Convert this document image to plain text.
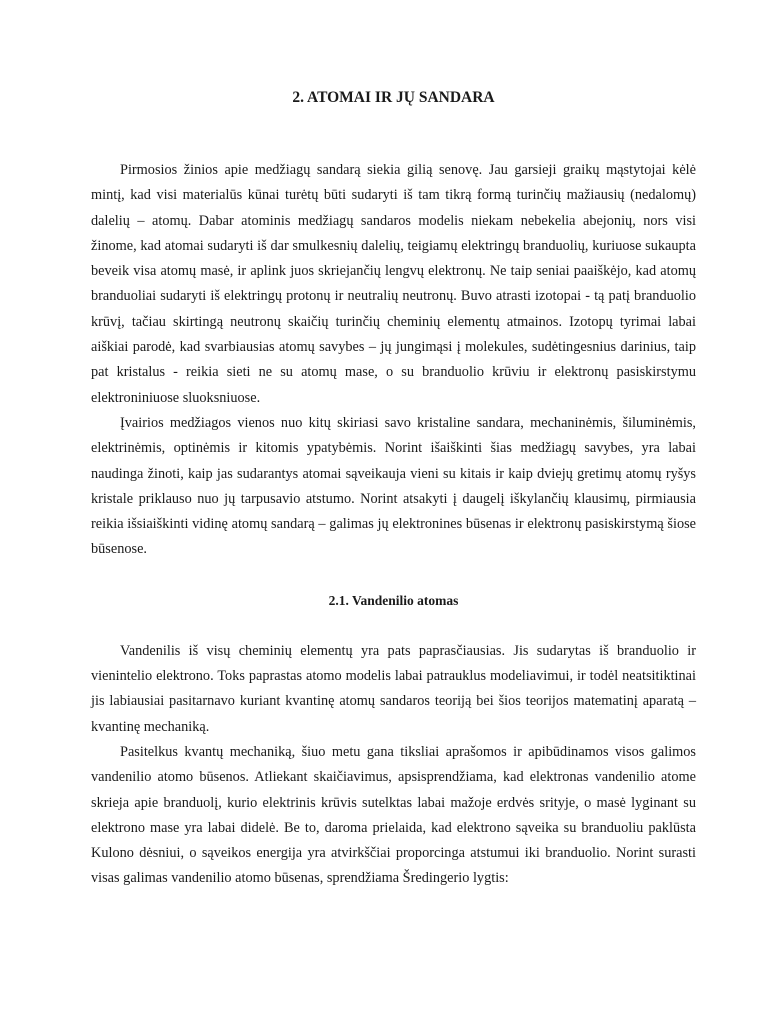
2. ATOMAI IR JŲ SANDARA

Pirmosios žinios apie medžiagų sandarą siekia gilią senovę. Jau garsieji graikų mąstytojai kėlė mintį, kad visi materialūs kūnai turėtų būti sudaryti iš tam tikrą formą turinčių mažiausių (nedalomų) dalelių – atomų. Dabar atominis medžiagų sandaros modelis niekam nebekelia abejonių, nors visi žinome, kad atomai sudaryti iš dar smulkesnių dalelių, teigiamų elektringų branduolių, kuriuose sukaupta beveik visa atomų masė, ir aplink juos skriejančių lengvų elektronų. Ne taip seniai paaiškėjo, kad atomų branduoliai sudaryti iš elektringų protonų ir neutralių neutronų. Buvo atrasti izotopai - tą patį branduolio krūvį, tačiau skirtingą neutronų skaičių turinčių cheminių elementų atmainos. Izotopų tyrimai labai aiškiai parodė, kad svarbiausias atomų savybes – jų jungimąsi į molekules, sudėtingesnius darinius, taip pat kristalus - reikia sieti ne su atomų mase, o su branduolio krūviu ir elektronų pasiskirstymu elektroniniuose sluoksniuose.

Įvairios medžiagos vienos nuo kitų skiriasi savo kristaline sandara, mechaninėmis, šiluminėmis, elektrinėmis, optinėmis ir kitomis ypatybėmis. Norint išaiškinti šias medžiagų savybes, yra labai naudinga žinoti, kaip jas sudarantys atomai sąveikauja vieni su kitais ir kaip dviejų gretimų atomų ryšys kristale priklauso nuo jų tarpusavio atstumo. Norint atsakyti į daugelį iškylančių klausimų, pirmiausia reikia išsiaiškinti vidinę atomų sandarą – galimas jų elektronines būsenas ir elektronų pasiskirstymą šiose būsenose.

2.1. Vandenilio atomas

Vandenilis iš visų cheminių elementų yra pats paprasčiausias. Jis sudarytas iš branduolio ir vienintelio elektrono. Toks paprastas atomo modelis labai patrauklus modeliavimui, ir todėl neatsitiktinai jis labiausiai pasitarnavo kuriant kvantinę atomų sandaros teoriją bei šios teorijos matematinį aparatą – kvantinę mechaniką.

Pasitelkus kvantų mechaniką, šiuo metu gana tiksliai aprašomos ir apibūdinamos visos galimos vandenilio atomo būsenos. Atliekant skaičiavimus, apsisprendžiama, kad elektronas vandenilio atome skrieja apie branduolį, kurio elektrinis krūvis sutelktas labai mažoje erdvės srityje, o masė lyginant su elektrono mase yra labai didelė. Be to, daroma prielaida, kad elektrono sąveika su branduoliu paklūsta Kulono dėsniui, o sąveikos energija yra atvirkščiai proporcinga atstumui iki branduolio. Norint surasti visas galimas vandenilio atomo būsenas, sprendžiama Šredingerio lygtis:
